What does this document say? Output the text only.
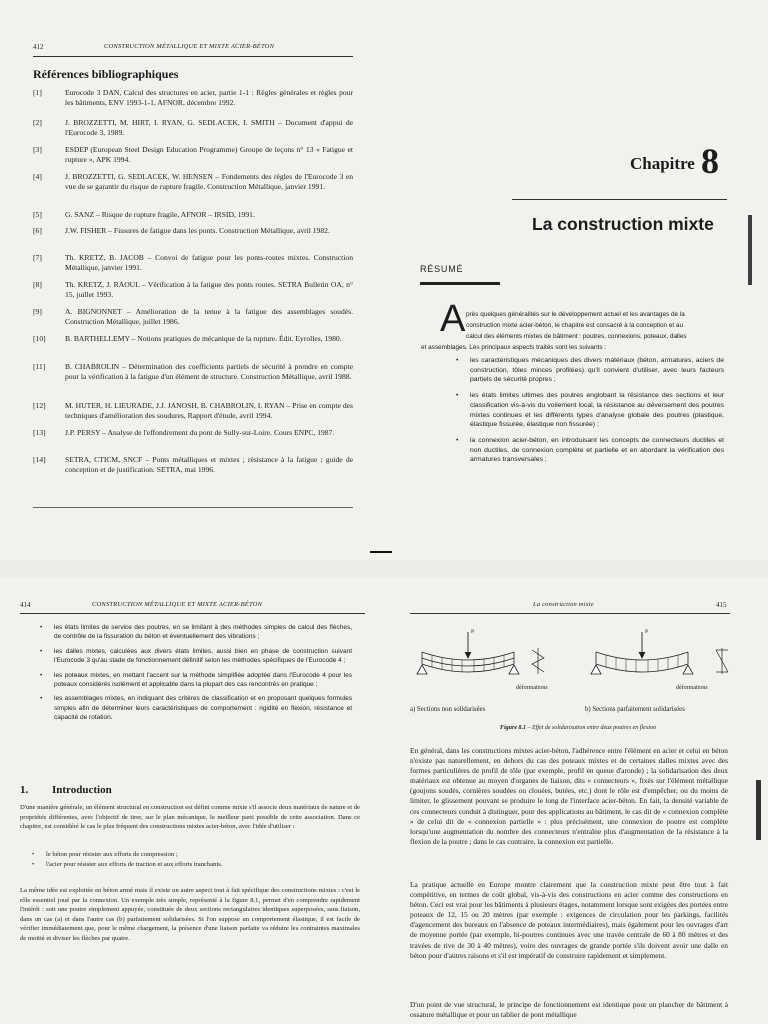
412	CONSTRUCTION MÉTALLIQUE ET MIXTE ACIER-BÉTON
Références bibliographiques
[1]	Eurocode 3 DAN, Calcul des structures en acier, partie 1-1 : Règles générales et règles pour les bâtiments, ENV 1993-1-1, AFNOR, décembre 1992.
[2]	J. BROZZETTI, M. HIRT, I. RYAN, G. SEDLACEK, I. SMITH – Document d'appui de l'Eurocode 3, 1989.
[3]	ESDEP (European Steel Design Education Programme) Groupe de leçons n° 13 « Fatigue et rupture », APK 1994.
[4]	J. BROZZETTI, G. SEDLACEK, W. HENSEN – Fondements des règles de l'Eurocode 3 en vue de se garantir du risque de rupture fragile. Construction Métallique, janvier 1991.
[5]	G. SANZ – Risque de rupture fragile, AFNOR – IRSID, 1991.
[6]	J.W. FISHER – Fissures de fatigue dans les ponts. Construction Métallique, avril 1982.
[7]	Th. KRETZ, B. JACOB – Convoi de fatigue pour les ponts-routes mixtes. Construction Métallique, janvier 1991.
[8]	Th. KRETZ, J. RAOUL – Vérification à la fatigue des ponts routes. SETRA Bulletin OA, n° 15, juillet 1993.
[9]	A. BIGNONNET – Amélioration de la tenue à la fatigue des assemblages soudés. Construction Métallique, juillet 1986.
[10]	B. BARTHELLEMY – Notions pratiques de mécanique de la rupture. Édit. Eyrolles, 1980.
[11]	B. CHABROLIN – Détermination des coefficients partiels de sécurité à prendre en compte pour la vérification à la fatigue d'un élément de structure. Construction Métallique, avril 1988.
[12]	M. HUTER, H. LIEURADE, J.J. JANOSH, B. CHABROLIN, I. RYAN – Prise en compte des techniques d'amélioration des soudures, Rapport d'étude, avril 1994.
[13]	J.P. PERSY – Analyse de l'effondrement du pont de Sully-sur-Loire. Cours ENPC, 1987.
[14]	SETRA, CTICM, SNCF – Ponts métalliques et mixtes ; résistance à la fatigue ; guide de conception et de justification. SETRA, mai 1996.
Chapitre 8
La construction mixte
RÉSUMÉ
A près quelques généralités sur le développement actuel et les avantages de la
construction mixte acier-béton, le chapitre est consacré à la conception et au
calcul des éléments mixtes de bâtiment : poutres, connexions, poteaux, dalles
et assemblages. Les principaux aspects traités sont les suivants :
• les caractéristiques mécaniques des divers matériaux (béton, armatures, aciers de construction, tôles minces profilées) qu'il convient d'utiliser, avec leurs facteurs partiels de sécurité propres ;
• les états limites ultimes des poutres englobant la résistance des sections et leur classification vis-à-vis du voilement local, la résistance au déversement des poutres mixtes continues et les différents types d'analyse globale des poutres (plastique, élastique fissurée, élastique non fissurée) ;
• la connexion acier-béton, en introduisant les concepts de connecteurs ductiles et non ductiles, de connexion complète et partielle et en abordant la vérification des armatures transversales ;
414	CONSTRUCTION MÉTALLIQUE ET MIXTE ACIER-BÉTON
• les états limites de service des poutres, en se limitant à des méthodes simples de calcul des flèches, de contrôle de la fissuration du béton et éventuellement des vibrations ;
• les dalles mixtes, calculées aux divers états limites, aussi bien en phase de construction suivant l'Eurocode 3 qu'au stade de fonctionnement définitif selon les méthodes spécifiques de l'Eurocode 4 ;
• les poteaux mixtes, en mettant l'accent sur la méthode simplifiée adoptée dans l'Eurocode 4 pour les poteaux considérés isolément et applicable dans la plupart des cas rencontrés en pratique ;
• les assemblages mixtes, en indiquant des critères de classification et en proposant quelques formules simples afin de déterminer leurs caractéristiques de comportement : rigidité en flexion, résistance et capacité de rotation.
1. Introduction
D'une manière générale, un élément structural en construction est défini comme mixte s'il associe deux matériaux de nature et de propriétés différentes, avec l'objectif de tirer, sur le plan mécanique, le meilleur parti possible de cette association. Dans ce chapitre, est considéré le cas le plus fréquent des constructions mixtes acier-béton, avec l'idée d'utiliser :
• le béton pour résister aux efforts de compression ;
• l'acier pour résister aux efforts de traction et aux efforts tranchants.
La même idée est exploitée en béton armé mais il existe un autre aspect tout à fait spécifique des constructions mixtes : c'est le rôle essentiel joué par la connexion. Un exemple très simple, représenté à la figure 8.1, permet d'en comprendre rapidement l'intérêt : soit une poutre simplement appuyée, constituée de deux sections rectangulaires identiques superposées, sans liaison, dans un cas (a) et dans l'autre cas (b) parfaitement solidarisées. Si l'on suppose un comportement élastique, il est facile de vérifier immédiatement que, pour le même chargement, la présence d'une liaison parfaite va réduire les contraintes maximales de moitié et diviser les flèches par quatre.
La construction mixte	415
P	P
déformations	déformations
a) Sections non solidarisées	b) Sections parfaitement solidarisées
Figure 8.1 – Effet de solidarisation entre deux poutres en flexion
En général, dans les constructions mixtes acier-béton, l'adhérence entre l'élément en acier et celui en béton n'existe pas naturellement, en dehors du cas des poteaux mixtes et de certaines dalles mixtes avec des formes particulières de profil de tôle (par exemple, profil en queue d'aronde) ; la solidarisation des deux matériaux est obtenue au moyen d'organes de liaison, dits « connecteurs », fixés sur l'élément métallique (goujons soudés, cornières soudées ou clouées, butées, etc.) dont le rôle est d'empêcher, ou du moins de limiter, le glissement pouvant se produire le long de l'interface acier-béton. En fait, la densité variable de ces connecteurs conduit à distinguer, pour des applications au bâtiment, le cas dit de « connexion complète » de celui dit de « connexion partielle » : plus précisément, une connexion de poutre est complète lorsqu'une augmentation du nombre des connecteurs n'entraîne plus d'augmentation de la résistance à la flexion de la poutre ; dans le cas contraire, la connexion est partielle.
La pratique actuelle en Europe montre clairement que la construction mixte peut être tout à fait compétitive, en termes de coût global, vis-à-vis des constructions en acier comme des constructions en béton. Ceci est vrai pour les bâtiments à plusieurs étages, notamment lorsque sont exigées des portées entre poteaux de 12, 15 ou 20 mètres (par exemple : exigences de circulation pour les parkings, facilités d'agencement des bureaux en l'absence de poteaux intermédiaires), mais également pour les ouvrages d'art de moyenne portée (par exemple, bi-poutres continues avec une travée centrale de 60 à 80 mètres et des travées de rive de 30 à 40 mètres), voire des ouvrages de grande portée s'ils doivent avoir une dalle en béton pour d'autres raisons et s'il est impératif de construire rapidement et simplement.
D'un point de vue structural, le principe de fonctionnement est identique pour un plancher de bâtiment à ossature métallique et pour un tablier de pont métallique
